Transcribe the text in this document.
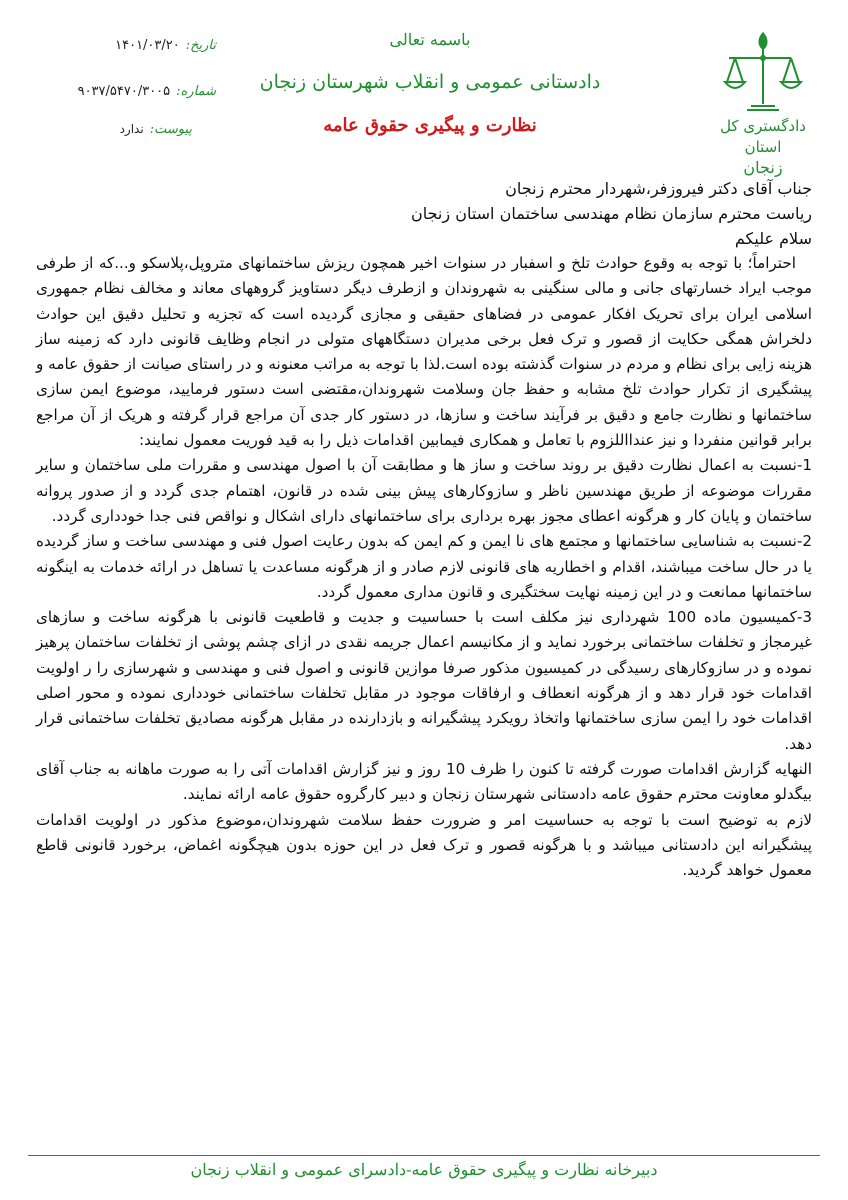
دادگستری کل استان
زنجان
باسمه تعالی
دادستانی عمومی و انقلاب شهرستان زنجان
نظارت و پیگیری حقوق عامه
تاریخ:
۱۴۰۱/۰۳/۲۰
شماره:
۹۰۳۷/۵۴۷۰/۳۰۰۵
پیوست:
ندارد

جناب آقای دکتر فیروزفر،شهردار محترم زنجان

ریاست محترم سازمان نظام مهندسی ساختمان استان زنجان

سلام علیکم

احتراماً؛ با توجه به وقوع حوادث تلخ و اسفبار در سنوات اخیر همچون ریزش ساختمانهای متروپل،پلاسکو و...که از طرفی موجب ایراد خسارتهای جانی و مالی سنگینی به شهروندان و ازطرف دیگر دستاویز گروههای معاند و مخالف نظام جمهوری اسلامی ایران برای تحریک افکار عمومی در فضاهای حقیقی و مجازی گردیده است که تجزیه و تحلیل دقیق این حوادث دلخراش همگی حکایت از قصور و ترک فعل برخی مدیران دستگاههای متولی در انجام وظایف قانونی دارد که زمینه ساز هزینه زایی برای نظام و مردم در سنوات گذشته بوده است.لذا با توجه به مراتب معنونه و در راستای صیانت از حقوق عامه و پیشگیری از تکرار حوادث تلخ مشابه و حفظ جان وسلامت شهروندان،مقتضی است دستور فرمایید، موضوع ایمن سازی ساختمانها و نظارت جامع و دقیق بر فرآیند ساخت و سازها، در دستور کار جدی آن مراجع قرار گرفته و هریک از آن مراجع برابر قوانین منفردا و نیز عندااللزوم با تعامل و همکاری فیمابین اقدامات ذیل را به قید فوریت معمول نمایند:

1-نسبت به اعمال نظارت دقیق بر روند ساخت و ساز ها و مطابقت آن با اصول مهندسی و مقررات ملی ساختمان و سایر مقررات موضوعه از طریق مهندسین ناظر و سازوکارهای پیش بینی شده در قانون، اهتمام جدی گردد و از صدور پروانه ساختمان و پایان کار و هرگونه اعطای مجوز بهره برداری برای ساختمانهای دارای اشکال و نواقص فنی جدا خودداری گردد.

2-نسبت به شناسایی ساختمانها و مجتمع های نا ایمن و کم ایمن که بدون رعایت اصول فنی و مهندسی ساخت و ساز گردیده یا در حال ساخت میباشند، اقدام و اخطاریه های قانونی لازم صادر و از هرگونه مساعدت یا تساهل در ارائه خدمات به اینگونه ساختمانها ممانعت و در این زمینه نهایت سختگیری و قانون مداری معمول گردد.

3-کمیسیون ماده 100 شهرداری نیز مکلف است با حساسیت و جدیت و قاطعیت قانونی با هرگونه ساخت و سازهای غیرمجاز و تخلفات ساختمانی برخورد نماید و از مکانیسم اعمال جریمه نقدی در ازای چشم پوشی از تخلفات ساختمان پرهیز نموده و در سازوکارهای رسیدگی در کمیسیون مذکور صرفا موازین قانونی و اصول فنی و مهندسی و شهرسازی را ر اولویت اقدامات خود قرار دهد و از هرگونه انعطاف و ارفاقات موجود در مقابل تخلفات ساختمانی خودداری نموده و محور اصلی اقدامات خود را ایمن سازی ساختمانها واتخاذ رویکرد پیشگیرانه و بازدارنده در مقابل هرگونه مصادیق تخلفات ساختمانی قرار دهد.

النهایه گزارش اقدامات صورت گرفته تا کنون را ظرف 10 روز و نیز گزارش اقدامات آتی را به صورت ماهانه به جناب آقای بیگدلو معاونت محترم حقوق عامه دادستانی شهرستان زنجان و دبیر کارگروه حقوق عامه ارائه نمایند.

لازم به توضیح است با توجه به حساسیت امر و ضرورت حفظ سلامت شهروندان،موضوع مذکور در اولویت اقدامات پیشگیرانه این دادستانی میباشد و با هرگونه قصور و ترک فعل در این حوزه بدون هیچگونه اغماض، برخورد قانونی قاطع معمول خواهد گردید.

دبیرخانه نظارت و پیگیری حقوق عامه-دادسرای عمومی و انقلاب زنجان
